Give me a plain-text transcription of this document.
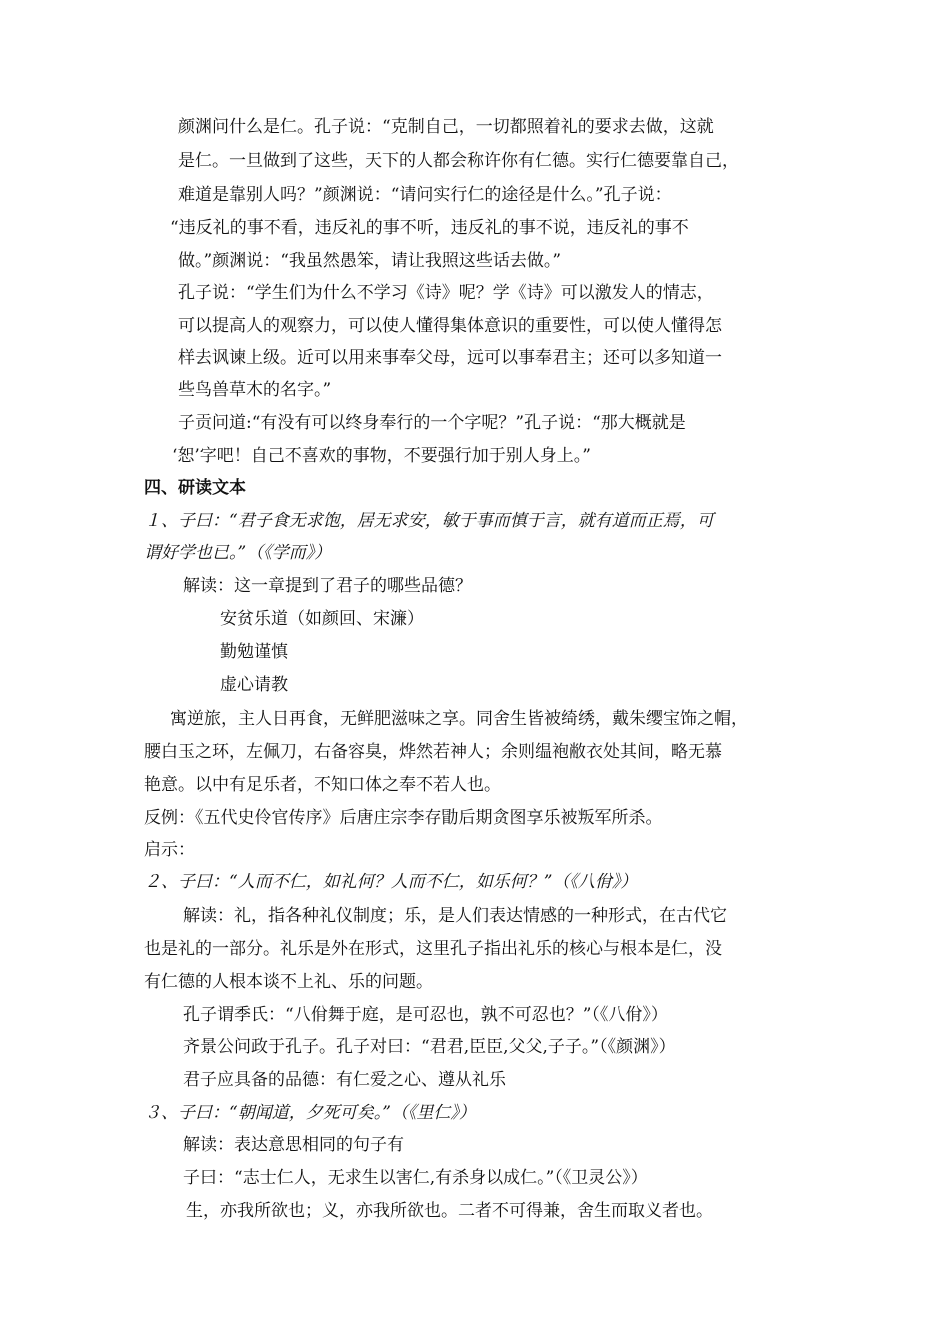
颜渊问什么是仁。孔子说：“克制自己，一切都照着礼的要求去做，这就
是仁。一旦做到了这些，天下的人都会称许你有仁德。实行仁德要靠自己，
难道是靠别人吗？”颜渊说：“请问实行仁的途径是什么。”孔子说：
“违反礼的事不看，违反礼的事不听，违反礼的事不说，违反礼的事不
做。”颜渊说：“我虽然愚笨，请让我照这些话去做。”
孔子说：“学生们为什么不学习《诗》呢？学《诗》可以激发人的情志，
可以提高人的观察力，可以使人懂得集体意识的重要性，可以使人懂得怎
样去讽谏上级。近可以用来事奉父母，远可以事奉君主；还可以多知道一
些鸟兽草木的名字。”
子贡问道:“有没有可以终身奉行的一个字呢？”孔子说：“那大概就是
‘恕’字吧！自己不喜欢的事物，不要强行加于别人身上。”
四、研读文本
１、子曰：“君子食无求饱，居无求安，敏于事而慎于言，就有道而正焉，可
谓好学也已。”（《学而》）
解读：这一章提到了君子的哪些品德？
安贫乐道（如颜回、宋濂）
勤勉谨慎
虚心请教
寓逆旅，主人日再食，无鲜肥滋味之享。同舍生皆被绮绣，戴朱缨宝饰之帽，
腰白玉之环，左佩刀，右备容臭，烨然若神人；余则缊袍敝衣处其间，略无慕
艳意。以中有足乐者，不知口体之奉不若人也。
反例：《五代史伶官传序》后唐庄宗李存勖后期贪图享乐被叛军所杀。
启示：
２、子曰：“人而不仁，如礼何？人而不仁，如乐何？”（《八佾》）
解读：礼，指各种礼仪制度；乐，是人们表达情感的一种形式，在古代它
也是礼的一部分。礼乐是外在形式，这里孔子指出礼乐的核心与根本是仁，没
有仁德的人根本谈不上礼、乐的问题。
孔子谓季氏：“八佾舞于庭，是可忍也，孰不可忍也？”（《八佾》）
齐景公问政于孔子。孔子对曰：“君君,臣臣,父父,子子。”（《颜渊》）
君子应具备的品德：有仁爱之心、遵从礼乐
３、子曰：“朝闻道，夕死可矣。”（《里仁》）
解读：表达意思相同的句子有
子曰：“志士仁人，无求生以害仁,有杀身以成仁。”（《卫灵公》）
生，亦我所欲也；义，亦我所欲也。二者不可得兼，舍生而取义者也。
